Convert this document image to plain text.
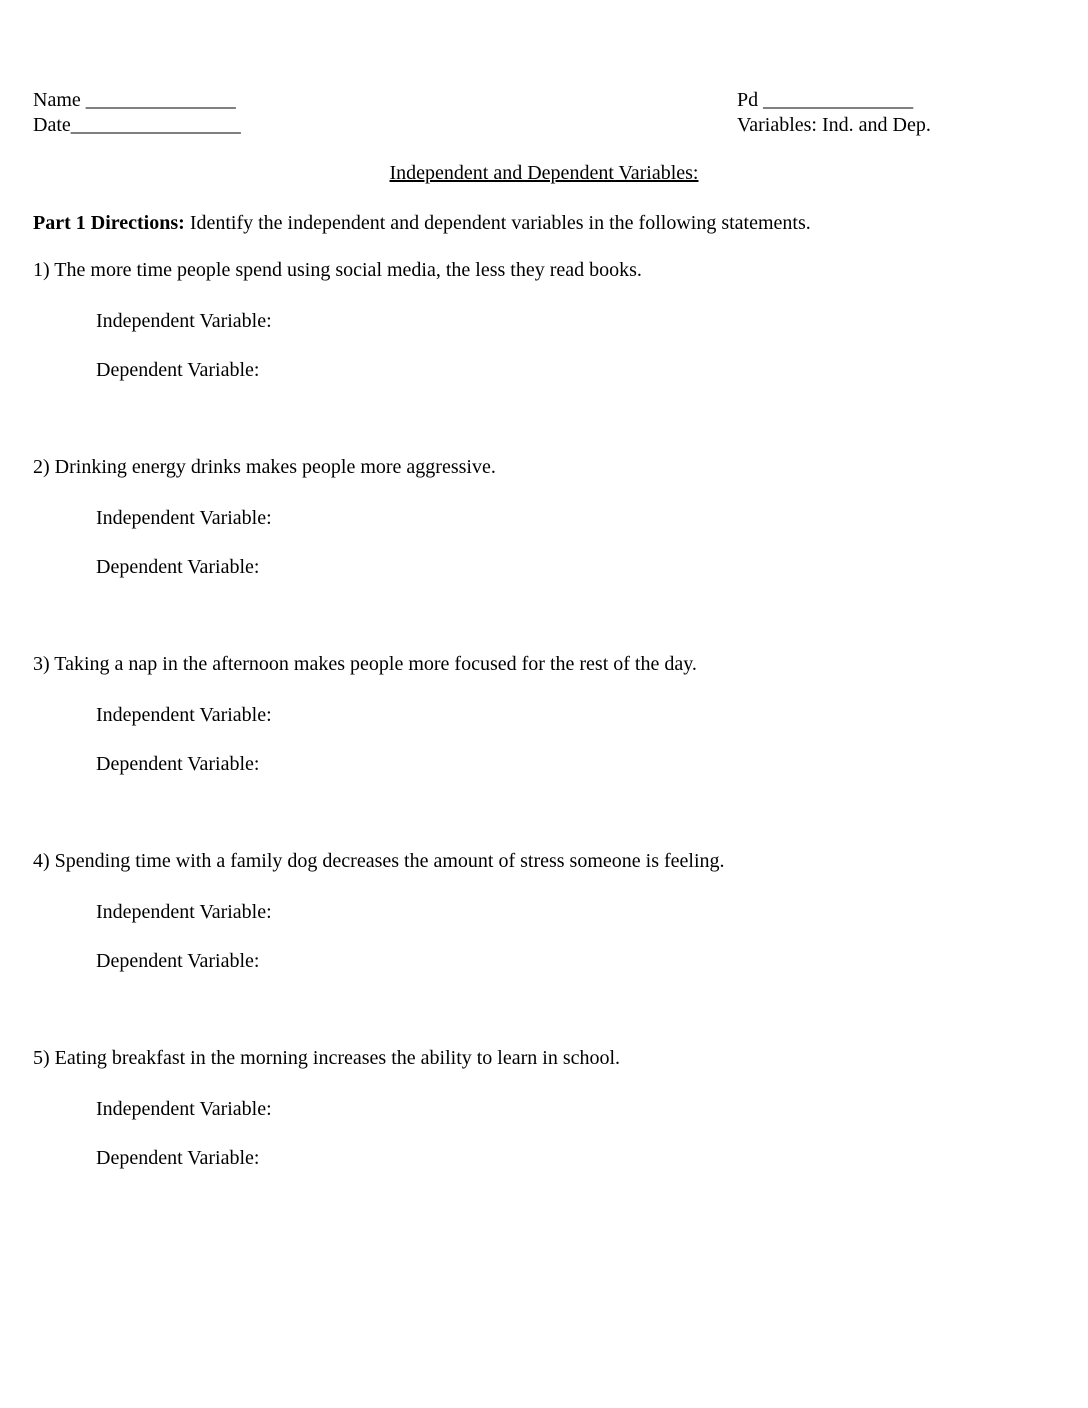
Name _______________
Date_________________
Pd _______________
Variables: Ind. and Dep.
Independent and Dependent Variables:

Part 1 Directions: Identify the independent and dependent variables in the following statements.

1) The more time people spend using social media, the less they read books.

Independent Variable:

Dependent Variable:

2) Drinking energy drinks makes people more aggressive.

Independent Variable:

Dependent Variable:

3) Taking a nap in the afternoon makes people more focused for the rest of the day.

Independent Variable:

Dependent Variable:

4) Spending time with a family dog decreases the amount of stress someone is feeling.

Independent Variable:

Dependent Variable:

5) Eating breakfast in the morning increases the ability to learn in school.

Independent Variable:

Dependent Variable:
